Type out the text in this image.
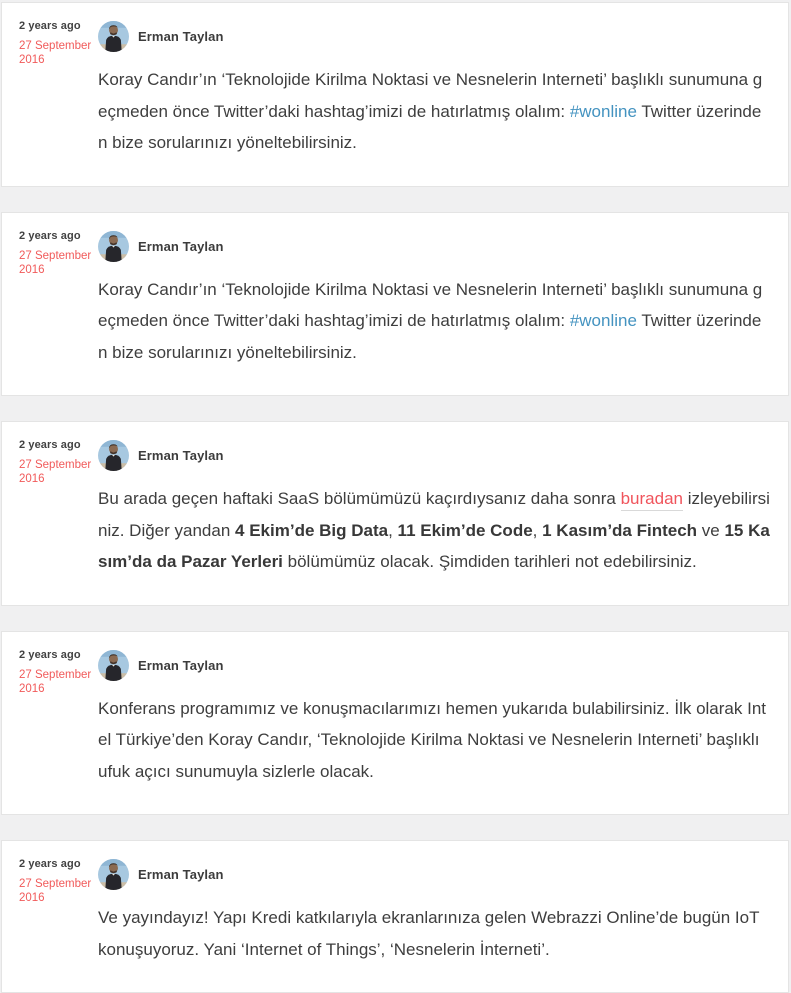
2 years ago
27 September 2016
Erman Taylan

Koray Candır’ın ‘Teknolojide Kirilma Noktasi ve Nesnelerin Interneti’ başlıklı sunumuna geçmeden önce Twitter’daki hashtag’imizi de hatırlatmış olalım: #wonline Twitter üzerinden bize sorularınızı yöneltebilirsiniz.

2 years ago
27 September 2016
Erman Taylan

Koray Candır’ın ‘Teknolojide Kirilma Noktasi ve Nesnelerin Interneti’ başlıklı sunumuna geçmeden önce Twitter’daki hashtag’imizi de hatırlatmış olalım: #wonline Twitter üzerinden bize sorularınızı yöneltebilirsiniz.

2 years ago
27 September 2016
Erman Taylan

Bu arada geçen haftaki SaaS bölümümüzü kaçırdıysanız daha sonra buradan izleyebilirsiniz. Diğer yandan 4 Ekim’de Big Data, 11 Ekim’de Code, 1 Kasım’da Fintech ve 15 Kasım’da da Pazar Yerleri bölümümüz olacak. Şimdiden tarihleri not edebilirsiniz.

2 years ago
27 September 2016
Erman Taylan

Konferans programımız ve konuşmacılarımızı hemen yukarıda bulabilirsiniz. İlk olarak Intel Türkiye’den Koray Candır, ‘Teknolojide Kirilma Noktasi ve Nesnelerin Interneti’ başlıklı ufuk açıcı sunumuyla sizlerle olacak.

2 years ago
27 September 2016
Erman Taylan

Ve yayındayız! Yapı Kredi katkılarıyla ekranlarınıza gelen Webrazzi Online’de bugün IoT konuşuyoruz. Yani ‘Internet of Things’, ‘Nesnelerin İnterneti’.
